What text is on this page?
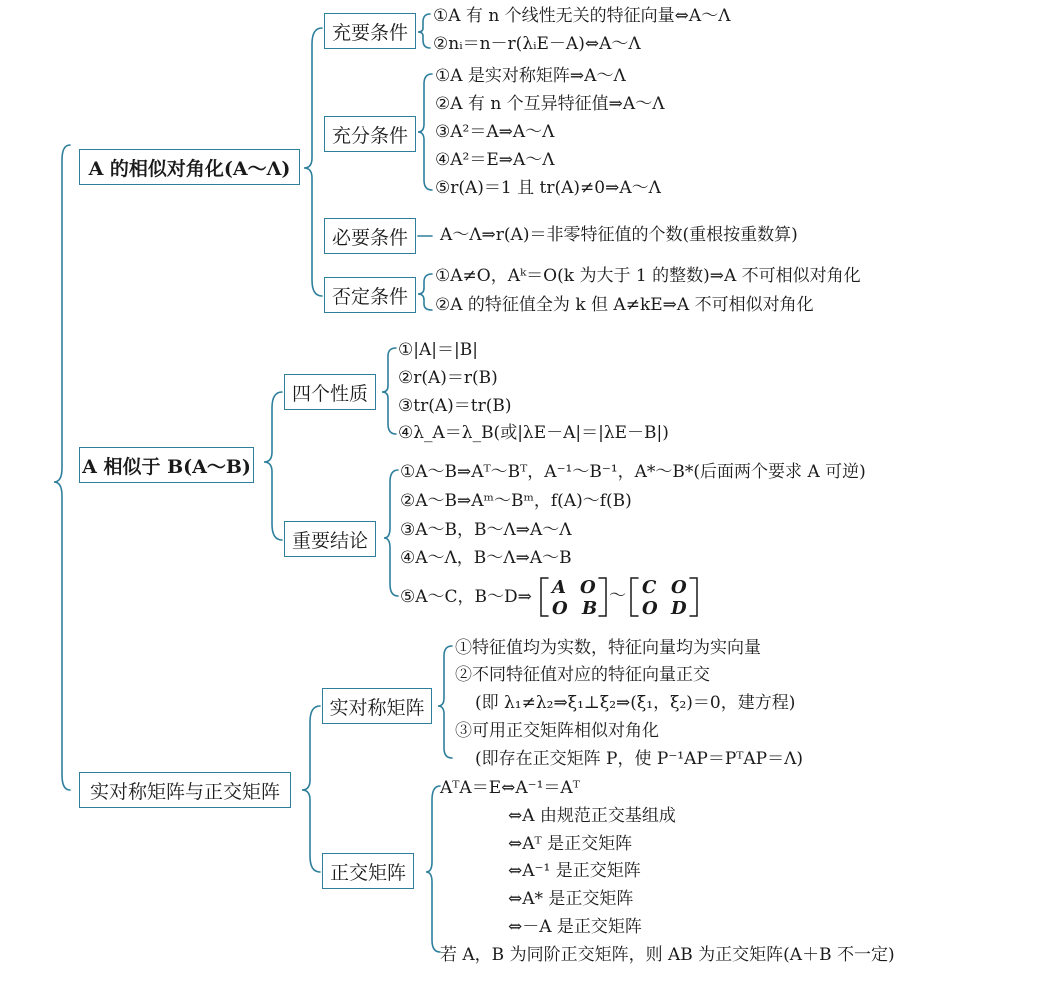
A 的相似对角化(A～Λ)
A 相似于 B(A～B)
实对称矩阵与正交矩阵
充要条件
充分条件
必要条件
否定条件
四个性质
重要结论
实对称矩阵
正交矩阵
①A 有 n 个线性无关的特征向量⇔A～Λ
②nᵢ＝n－r(λᵢE－A)⇔A～Λ
①A 是实对称矩阵⇒A～Λ
②A 有 n 个互异特征值⇒A～Λ
③A²＝A⇒A～Λ
④A²＝E⇒A～Λ
⑤r(A)＝1 且 tr(A)≠0⇒A～Λ
A～Λ⇒r(A)＝非零特征值的个数(重根按重数算)
①A≠O，Aᵏ＝O(k 为大于 1 的整数)⇒A 不可相似对角化
②A 的特征值全为 k 但 A≠kE⇒A 不可相似对角化
①|A|＝|B|
②r(A)＝r(B)
③tr(A)＝tr(B)
④λ_A＝λ_B(或|λE－A|＝|λE－B|)
①A～B⇒Aᵀ～Bᵀ，A⁻¹～B⁻¹，A*～B*(后面两个要求 A 可逆)
②A～B⇒Aᵐ～Bᵐ，f(A)～f(B)
③A～B，B～Λ⇒A～Λ
④A～Λ，B～Λ⇒A～B
⑤A～C，B～D⇒ A O
O B
～ C O
O D
①特征值均为实数，特征向量均为实向量
②不同特征值对应的特征向量正交
(即 λ₁≠λ₂⇒ξ₁⊥ξ₂⇒(ξ₁，ξ₂)＝0，建方程)
③可用正交矩阵相似对角化
(即存在正交矩阵 P，使 P⁻¹AP＝PᵀAP＝Λ)
AᵀA＝E⇔A⁻¹＝Aᵀ
⇔A 由规范正交基组成
⇔Aᵀ 是正交矩阵
⇔A⁻¹ 是正交矩阵
⇔A* 是正交矩阵
⇔－A 是正交矩阵
若 A，B 为同阶正交矩阵，则 AB 为正交矩阵(A＋B 不一定)
